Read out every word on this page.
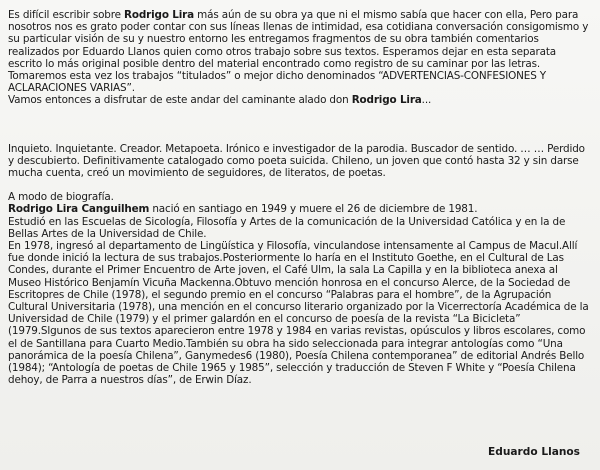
Es difícil escribir sobre Rodrigo Lira más aún de su obra ya que ni el mismo sabía que hacer con ella, Pero para nosotros nos es grato poder contar con sus líneas llenas de intimidad, esa cotidiana conversación consigomismo y su particular visión de su y nuestro entorno les entregamos fragmentos de su obra también comentarios realizados por Eduardo Llanos quien como otros trabajo sobre sus textos. Esperamos dejar en esta separata escrito lo más original posible dentro del material encontrado como registro de su caminar por las letras. Tomaremos esta vez los trabajos “titulados” o mejor dicho denominados “ADVERTENCIAS-CONFESIONES Y ACLARACIONES VARIAS”.
Vamos entonces a disfrutar de este andar del caminante alado don Rodrigo Lira...

Inquieto. Inquietante. Creador. Metapoeta. Irónico e investigador de la parodia. Buscador de sentido. … … Perdido y descubierto. Definitivamente catalogado como poeta suicida. Chileno, un joven que contó hasta 32 y sin darse mucha cuenta, creó un movimiento de seguidores, de literatos, de poetas.

A modo de biografía.
Rodrigo Lira Canguilhem nació en santiago en 1949 y muere el 26 de diciembre de 1981.
Estudió en las Escuelas de Sicología, Filosofía y Artes de la comunicación de la Universidad Católica y en la de Bellas Artes de la Universidad de Chile.
En 1978, ingresó al departamento de Lingüística y Filosofía, vinculandose intensamente al Campus de Macul.Allí fue donde inició la lectura de sus trabajos.Posteriormente lo haría en el Instituto Goethe, en el Cultural de Las Condes, durante el Primer Encuentro de Arte joven, el Café Ulm, la sala La Capilla y en la biblioteca anexa al Museo Histórico Benjamín Vicuña Mackenna.Obtuvo mención honrosa en el concurso Alerce, de la Sociedad de Escritopres de Chile (1978), el segundo premio en el concurso “Palabras para el hombre”, de la Agrupación Cultural Universitaria (1978), una mención en el concurso literario organizado por la Vicerrectoría Académica de la Universidad de Chile (1979) y el primer galardón en el concurso de poesía de la revista “La Bicicleta” (1979.Slgunos de sus textos aparecieron entre 1978 y 1984 en varias revistas, opúsculos y libros escolares, como el de Santillana para Cuarto Medio.También su obra ha sido seleccionada para integrar antologías como “Una panorámica de la poesía Chilena”, Ganymedes6 (1980), Poesía Chilena contemporanea” de editorial Andrés Bello (1984); “Antología de poetas de Chile 1965 y 1985”, selección y traducción de Steven F White y “Poesía Chilena dehoy, de Parra a nuestros días”, de Erwin Díaz.

Eduardo Llanos
